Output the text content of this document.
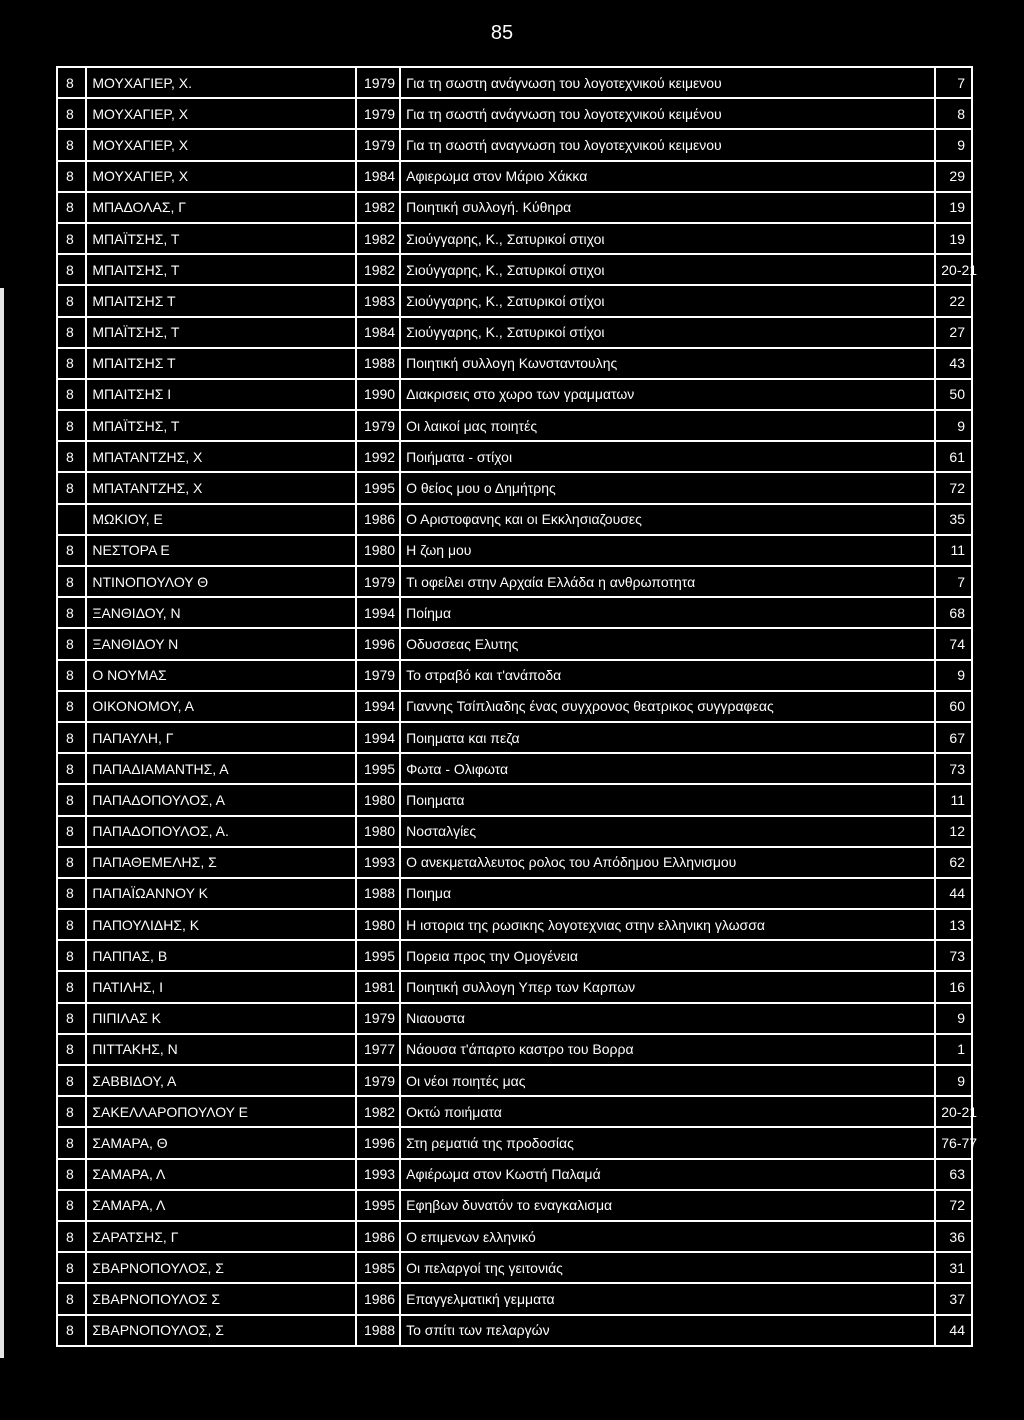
85
8	ΜΟΥΧΑΓΙΕΡ, Χ.	1979	Για τη σωστη ανάγνωση του λογοτεχνικού κειμενου	7
8	ΜΟΥΧΑΓΙΕΡ, Χ	1979	Για τη σωστή ανάγνωση του λογοτεχνικού κειμένου	8
8	ΜΟΥΧΑΓΙΕΡ, Χ	1979	Για τη σωστή αναγνωση του λογοτεχνικού κειμενου	9
8	ΜΟΥΧΑΓΙΕΡ, Χ	1984	Αφιερωμα στον Μάριο Χάκκα	29
8	ΜΠΑΔΟΛΑΣ, Γ	1982	Ποιητική συλλογή. Κύθηρα	19
8	ΜΠΑΪΤΣΗΣ, Τ	1982	Σιούγγαρης, Κ., Σατυρικοί στιχοι	19
8	ΜΠΑΙΤΣΗΣ, Τ	1982	Σιούγγαρης, Κ., Σατυρικοί στιχοι	20-21
8	ΜΠΑΙΤΣΗΣ Τ	1983	Σιούγγαρης, Κ., Σατυρικοί στίχοι	22
8	ΜΠΑΪΤΣΗΣ, Τ	1984	Σιούγγαρης, Κ., Σατυρικοί στίχοι	27
8	ΜΠΑΙΤΣΗΣ Τ	1988	Ποιητική συλλογη Κωνσταντουλης	43
8	ΜΠΑΙΤΣΗΣ Ι	1990	Διακρισεις στο χωρο των γραμματων	50
8	ΜΠΑΪΤΣΗΣ, Τ	1979	Οι λαικοί μας ποιητές	9
8	ΜΠΑΤΑΝΤΖΗΣ, Χ	1992	Ποιήματα - στίχοι	61
8	ΜΠΑΤΑΝΤΖΗΣ, Χ	1995	Ο θείος μου ο Δημήτρης	72
	ΜΩΚΙΟΥ, Ε	1986	Ο Αριστοφανης και οι Εκκλησιαζουσες	35
8	ΝΕΣΤΟΡΑ Ε	1980	Η ζωη μου	11
8	ΝΤΙΝΟΠΟΥΛΟΥ Θ	1979	Τι οφείλει στην Αρχαία Ελλάδα η ανθρωποτητα	7
8	ΞΑΝΘΙΔΟΥ, Ν	1994	Ποίημα	68
8	ΞΑΝΘΙΔΟΥ Ν	1996	Οδυσσεας Ελυτης	74
8	Ο ΝΟΥΜΑΣ	1979	Το στραβό και τ'ανάποδα	9
8	ΟΙΚΟΝΟΜΟΥ, Α	1994	Γιαννης Τσίπλιαδης ένας συγχρονος θεατρικος συγγραφεας	60
8	ΠΑΠΑΥΛΗ, Γ	1994	Ποιηματα και πεζα	67
8	ΠΑΠΑΔΙΑΜΑΝΤΗΣ, Α	1995	Φωτα - Ολιφωτα	73
8	ΠΑΠΑΔΟΠΟΥΛΟΣ, Α	1980	Ποιηματα	11
8	ΠΑΠΑΔΟΠΟΥΛΟΣ, Α.	1980	Νοσταλγίες	12
8	ΠΑΠΑΘΕΜΕΛΗΣ, Σ	1993	Ο ανεκμεταλλευτος ρολος του Απόδημου Ελληνισμου	62
8	ΠΑΠΑΪΩΑΝΝΟΥ Κ	1988	Ποιημα	44
8	ΠΑΠΟΥΛΙΔΗΣ, Κ	1980	Η ιστορια της ρωσικης λογοτεχνιας στην ελληνικη γλωσσα	13
8	ΠΑΠΠΑΣ, Β	1995	Πορεια προς την Ομογένεια	73
8	ΠΑΤΙΛΗΣ, Ι	1981	Ποιητική συλλογη Υπερ των Καρπων	16
8	ΠΙΠΙΛΑΣ Κ	1979	Νιαουστα	9
8	ΠΙΤΤΑΚΗΣ, Ν	1977	Νάουσα τ'άπαρτο καστρο του Βορρα	1
8	ΣΑΒΒΙΔΟΥ, Α	1979	Οι νέοι ποιητές μας	9
8	ΣΑΚΕΛΛΑΡΟΠΟΥΛΟΥ Ε	1982	Οκτώ ποιήματα	20-21
8	ΣΑΜΑΡΑ, Θ	1996	Στη ρεματιά της προδοσίας	76-77
8	ΣΑΜΑΡΑ, Λ	1993	Αφιέρωμα στον Κωστή Παλαμά	63
8	ΣΑΜΑΡΑ, Λ	1995	Εφηβων δυνατόν το εναγκαλισμα	72
8	ΣΑΡΑΤΣΗΣ, Γ	1986	Ο επιμενων ελληνικό	36
8	ΣΒΑΡΝΟΠΟΥΛΟΣ, Σ	1985	Οι πελαργοί της γειτονιάς	31
8	ΣΒΑΡΝΟΠΟΥΛΟΣ Σ	1986	Επαγγελματική γεμματα	37
8	ΣΒΑΡΝΟΠΟΥΛΟΣ, Σ	1988	Το σπίτι των πελαργών	44
